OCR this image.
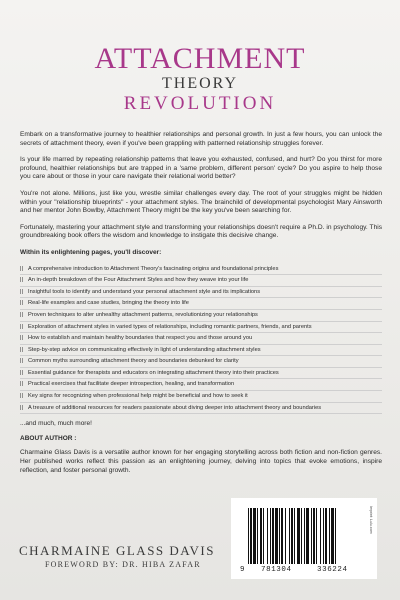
ATTACHMENT
THEORY
REVOLUTION

Embark on a transformative journey to healthier relationships and personal growth. In just a few hours, you can unlock the secrets of attachment theory, even if you've been grappling with patterned relationship struggles forever.

Is your life marred by repeating relationship patterns that leave you exhausted, confused, and hurt? Do you thirst for more profound, healthier relationships but are trapped in a 'same problem, different person' cycle? Do you aspire to help those you care about or those in your care navigate their relational world better?

You're not alone. Millions, just like you, wrestle similar challenges every day. The root of your struggles might be hidden within your "relationship blueprints" - your attachment styles. The brainchild of developmental psychologist Mary Ainsworth and her mentor John Bowlby, Attachment Theory might be the key you've been searching for.

Fortunately, mastering your attachment style and transforming your relationships doesn't require a Ph.D. in psychology. This groundbreaking book offers the wisdom and knowledge to instigate this decisive change.

Within its enlightening pages, you'll discover:
|| A comprehensive introduction to Attachment Theory's fascinating origins and foundational principles
|| An in-depth breakdown of the Four Attachment Styles and how they weave into your life
|| Insightful tools to identify and understand your personal attachment style and its implications
|| Real-life examples and case studies, bringing the theory into life
|| Proven techniques to alter unhealthy attachment patterns, revolutionizing your relationships
|| Exploration of attachment styles in varied types of relationships, including romantic partners, friends, and parents
|| How to establish and maintain healthy boundaries that respect you and those around you
|| Step-by-step advice on communicating effectively in light of understanding attachment styles
|| Common myths surrounding attachment theory and boundaries debunked for clarity
|| Essential guidance for therapists and educators on integrating attachment theory into their practices
|| Practical exercises that facilitate deeper introspection, healing, and transformation
|| Key signs for recognizing when professional help might be beneficial and how to seek it
|| A treasure of additional resources for readers passionate about diving deeper into attachment theory and boundaries
...and much, much more!
ABOUT AUTHOR :
Charmaine Glass Davis is a versatile author known for her engaging storytelling across both fiction and non-fiction genres. Her published works reflect this passion as an enlightening journey, delving into topics that evoke emotions, inspire reflection, and foster personal growth.
CHARMAINE GLASS DAVIS
FOREWORD BY: DR. HIBA ZAFAR
Imprint: Lulu.com
9 781304	336224
